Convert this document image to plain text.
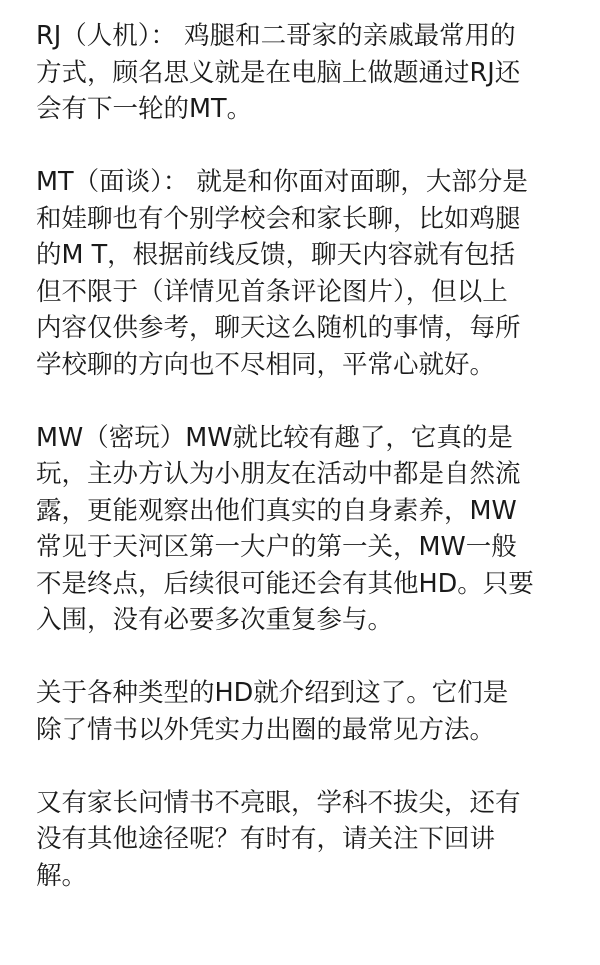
RJ（人机）： 鸡腿和二哥家的亲戚最常用的
方式，顾名思义就是在电脑上做题通过RJ还
会有下一轮的MT。
MT（面谈）： 就是和你面对面聊，大部分是
和娃聊也有个别学校会和家长聊，比如鸡腿
的M T，根据前线反馈，聊天内容就有包括
但不限于（详情见首条评论图片），但以上
内容仅供参考，聊天这么随机的事情，每所
学校聊的方向也不尽相同，平常心就好。
MW（密玩）MW就比较有趣了，它真的是
玩，主办方认为小朋友在活动中都是自然流
露，更能观察出他们真实的自身素养，MW
常见于天河区第一大户的第一关，MW一般
不是终点，后续很可能还会有其他HD。只要
入围，没有必要多次重复参与。
关于各种类型的HD就介绍到这了。它们是
除了情书以外凭实力出圈的最常见方法。
又有家长问情书不亮眼，学科不拔尖，还有
没有其他途径呢？有时有，请关注下回讲
解。
